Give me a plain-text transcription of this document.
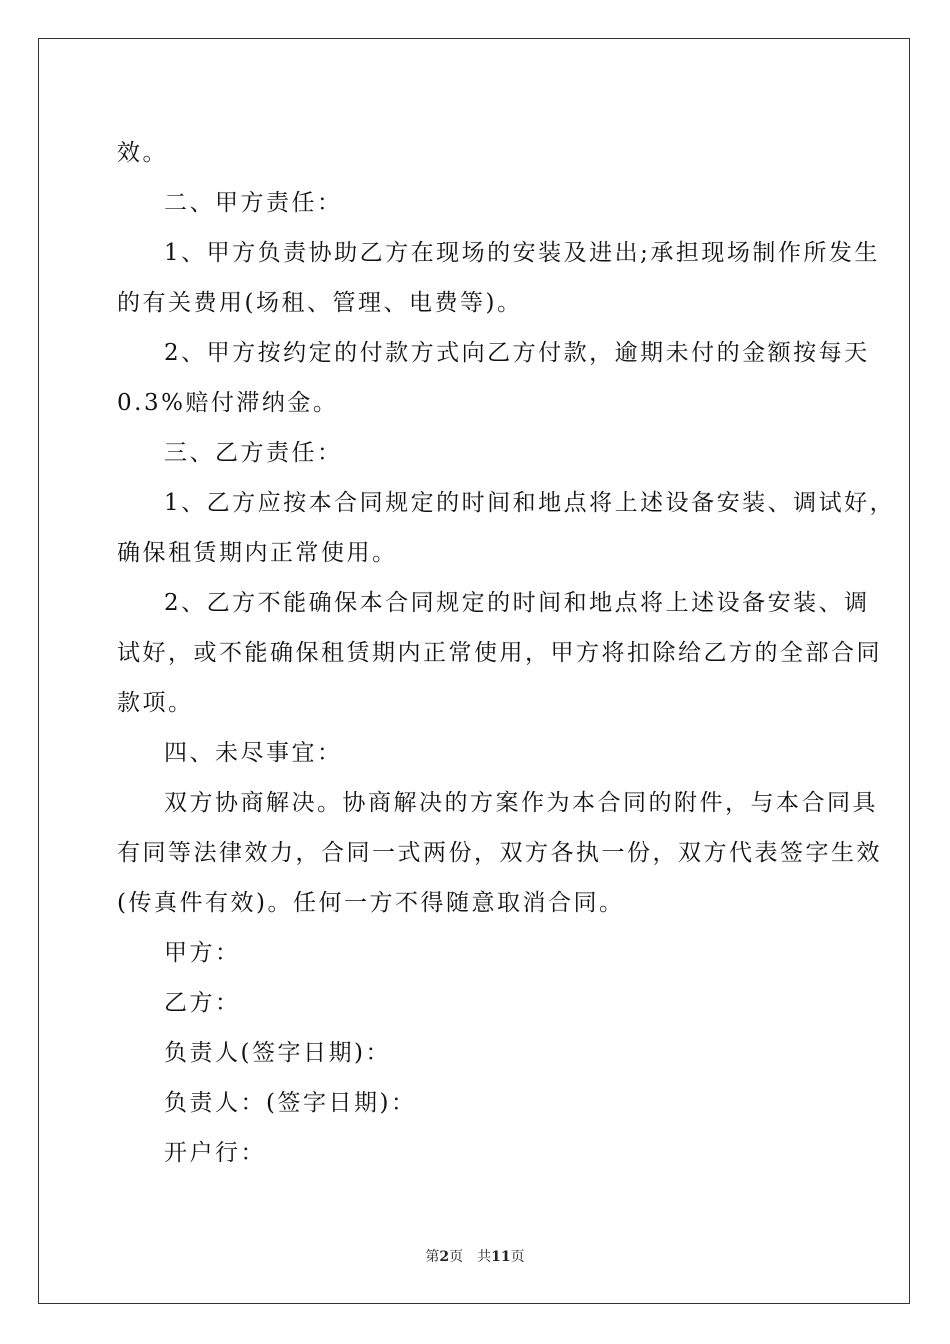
效。
二、甲方责任：
1、甲方负责协助乙方在现场的安装及进出;承担现场制作所发生
的有关费用(场租、管理、电费等)。
2、甲方按约定的付款方式向乙方付款，逾期未付的金额按每天
0.3%赔付滞纳金。
三、乙方责任：
1、乙方应按本合同规定的时间和地点将上述设备安装、调试好，
确保租赁期内正常使用。
2、乙方不能确保本合同规定的时间和地点将上述设备安装、调
试好，或不能确保租赁期内正常使用，甲方将扣除给乙方的全部合同
款项。
四、未尽事宜：
双方协商解决。协商解决的方案作为本合同的附件，与本合同具
有同等法律效力，合同一式两份，双方各执一份，双方代表签字生效
(传真件有效)。任何一方不得随意取消合同。
甲方：
乙方：
负责人(签字日期)：
负责人：(签字日期)：
开户行：
第2页 共11页
